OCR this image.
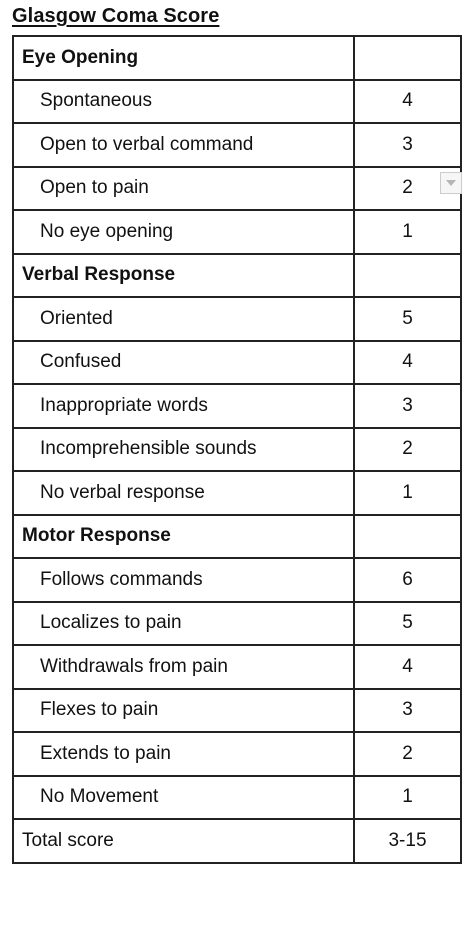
Glasgow Coma Score
Eye Opening	
Spontaneous	4
Open to verbal command	3
Open to pain	2

No eye opening	1
Verbal Response	
Oriented	5
Confused	4
Inappropriate words	3
Incomprehensible sounds	2
No verbal response	1
Motor Response	
Follows commands	6
Localizes to pain	5
Withdrawals from pain	4
Flexes to pain	3
Extends to pain	2
No Movement	1
Total score	3-15
